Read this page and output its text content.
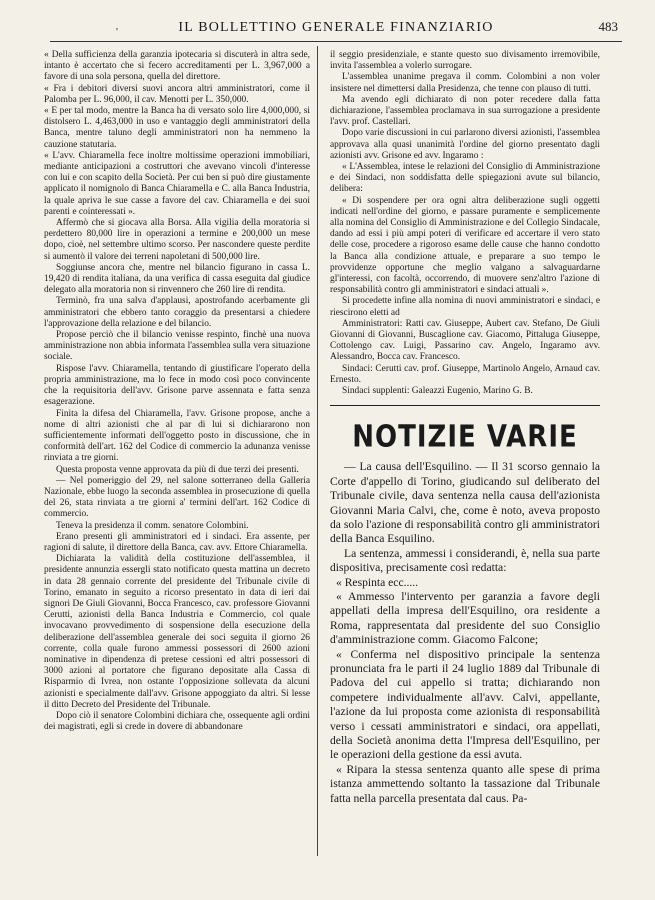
'	IL BOLLETTINO GENERALE FINANZIARIO	483

« Della sufficienza della garanzia ipotecaria si discuterà in altra sede, intanto è accertato che si fecero accreditamenti per L. 3,967,000 a favore di una sola persona, quella del direttore.

« Fra i debitori diversi suovi ancora altri amministratori, come il Palomba per L. 96,000, il cav. Menotti per L. 350,000.

« E per tal modo, mentre la Banca ha di versato solo lire 4,000,000, si distolsero L. 4,463,000 in uso e vantaggio degli amministratori della Banca, mentre taluno degli amministratori non ha nemmeno la cauzione statutaria.

« L'avv. Chiaramella fece inoltre moltissime operazioni immobiliari, mediante anticipazioni a costruttori che avevano vincoli d'interesse con lui e con scapito della Società. Per cui ben si può dire giustamente applicato il nomignolo di Banca Chiaramella e C. alla Banca Industria, la quale apriva le sue casse a favore del cav. Chiaramella e dei suoi parenti e cointeressati ».

Affermò che si giocava alla Borsa. Alla vigilia della moratoria si perdettero 80,000 lire in operazioni a termine e 200,000 un mese dopo, cioè, nel settembre ultimo scorso. Per nascondere queste perdite si aumentò il valore dei terreni napoletani di 500,000 lire.

Soggiunse ancora che, mentre nel bilancio figurano in cassa L. 19,420 di rendita italiana, da una verifica di cassa eseguita dal giudice delegato alla moratoria non si rinvennero che 260 lire di rendita.

Terminò, fra una salva d'applausi, apostrofando acerbamente gli amministratori che ebbero tanto coraggio da presentarsi a chiedere l'approvazione della relazione e del bilancio.

Propose perciò che il bilancio venisse respinto, finchè una nuova amministrazione non abbia informata l'assemblea sulla vera situazione sociale.

Rispose l'avv. Chiaramella, tentando di giustificare l'operato della propria amministrazione, ma lo fece in modo così poco convincente che la requisitoria dell'avv. Grisone parve assennata e fatta senza esagerazione.

Finita la difesa del Chiaramella, l'avv. Grisone propose, anche a nome di altri azionisti che al par di lui si dichiararono non sufficientemente informati dell'oggetto posto in discussione, che in conformità dell'art. 162 del Codice di commercio la adunanza venisse rinviata a tre giorni.

Questa proposta venne approvata da più di due terzi dei presenti.

— Nel pomeriggio del 29, nel salone sotterraneo della Galleria Nazionale, ebbe luogo la seconda assemblea in prosecuzione di quella del 26, stata rinviata a tre giorni a' termini dell'art. 162 Codice di commercio.

Teneva la presidenza il comm. senatore Colombini.

Erano presenti gli amministratori ed i sindaci. Era assente, per ragioni di salute, il direttore della Banca, cav. avv. Ettore Chiaramella.

Dichiarata la validità della costituzione dell'assemblea, il presidente annunzia essergli stato notificato questa mattina un decreto in data 28 gennaio corrente del presidente del Tribunale civile di Torino, emanato in seguito a ricorso presentato in data di ieri dai signori De Giuli Giovanni, Bocca Francesco, cav. professore Giovanni Cerutti, azionisti della Banca Industria e Commercio, col quale invocavano provvedimento di sospensione della esecuzione della deliberazione dell'assemblea generale dei soci seguita il giorno 26 corrente, colla quale furono ammessi possessori di 2600 azioni nominative in dipendenza di pretese cessioni ed altri possessori di 3000 azioni al portatore che figurano depositate alla Cassa di Risparmio di Ivrea, non ostante l'opposizione sollevata da alcuni azionisti e specialmente dall'avv. Grisone appoggiato da altri. Si lesse il ditto Decreto del Presidente del Tribunale.

Dopo ciò il senatore Colombini dichiara che, ossequente agli ordini dei magistrati, egli si crede in dovere di abbandonare

il seggio presidenziale, e stante questo suo divisamento irremovibile, invita l'assemblea a volerlo surrogare.

L'assemblea unanime pregava il comm. Colombini a non voler insistere nel dimettersi dalla Presidenza, che tenne con plauso di tutti.

Ma avendo egli dichiarato di non poter recedere dalla fatta dichiarazione, l'assemblea proclamava in sua surrogazione a presidente l'avv. prof. Castellari.

Dopo varie discussioni in cui parlarono diversi azionisti, l'assemblea approvava alla quasi unanimità l'ordine del giorno presentato dagli azionisti avv. Grisone ed avv. Ingaramo :

« L'Assemblea, intese le relazioni del Consiglio di Amministrazione e dei Sindaci, non soddisfatta delle spiegazioni avute sul bilancio, delibera:

« Di sospendere per ora ogni altra deliberazione sugli oggetti indicati nell'ordine del giorno, e passare puramente e semplicemente alla nomina del Consiglio di Amministrazione e del Collegio Sindacale, dando ad essi i più ampi poteri di verificare ed accertare il vero stato delle cose, procedere a rigoroso esame delle cause che hanno condotto la Banca alla condizione attuale, e preparare a suo tempo le provvidenze opportune che meglio valgano a salvaguardarne gl'interessi, con facoltà, occorrendo, di muovere senz'altro l'azione di responsabilità contro gli amministratori e sindaci attuali ».

Si procedette infine alla nomina di nuovi amministratori e sindaci, e riescirono eletti ad

Amministratori: Ratti cav. Giuseppe, Aubert cav. Stefano, De Giuli Giovanni di Giovanni, Buscaglione cav. Giacomo, Pittaluga Giuseppe, Cottolengo cav. Luigi, Passarino cav. Angelo, Ingaramo avv. Alessandro, Bocca cav. Francesco.

Sindaci: Cerutti cav. prof. Giuseppe, Martinolo Angelo, Arnaud cav. Ernesto.

Sindaci supplenti: Galeazzi Eugenio, Marino G. B.

NOTIZIE VARIE

— La causa dell'Esquilino. — Il 31 scorso gennaio la Corte d'appello di Torino, giudicando sul deliberato del Tribunale civile, dava sentenza nella causa dell'azionista Giovanni Maria Calvi, che, come è noto, aveva proposto da solo l'azione di responsabilità contro gli amministratori della Banca Esquilino.

La sentenza, ammessi i considerandi, è, nella sua parte dispositiva, precisamente così redatta:

« Respinta ecc.....

« Ammesso l'intervento per garanzia a favore degli appellati della impresa dell'Esquilino, ora residente a Roma, rappresentata dal presidente del suo Consiglio d'amministrazione comm. Giacomo Falcone;

« Conferma nel dispositivo principale la sentenza pronunciata fra le parti il 24 luglio 1889 dal Tribunale di Padova del cui appello si tratta; dichiarando non competere individualmente all'avv. Calvi, appellante, l'azione da lui proposta come azionista di responsabilità verso i cessati amministratori e sindaci, ora appellati, della Società anonima detta l'Impresa dell'Esquilino, per le operazioni della gestione da essi avuta.

« Ripara la stessa sentenza quanto alle spese di prima istanza ammettendo soltanto la tassazione dal Tribunale fatta nella parcella presentata dal caus. Pa-
